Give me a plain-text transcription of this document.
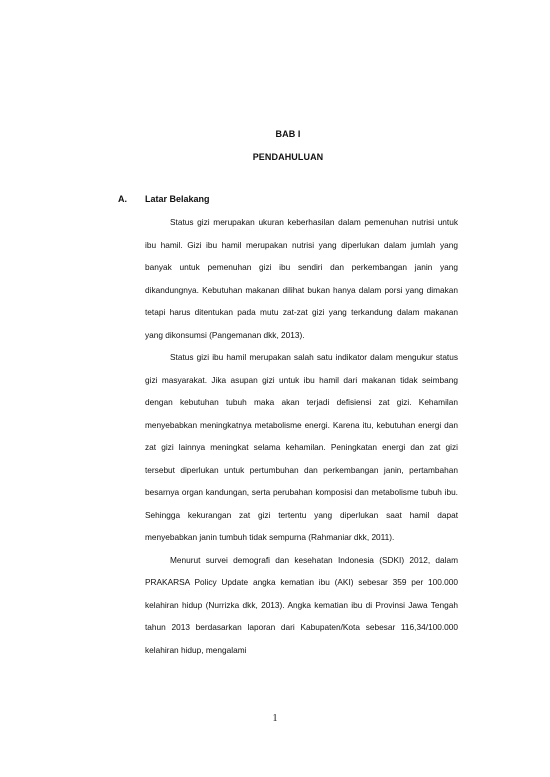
BAB I
PENDAHULUAN
A. Latar Belakang

Status gizi merupakan ukuran keberhasilan dalam pemenuhan nutrisi untuk ibu hamil. Gizi ibu hamil merupakan nutrisi yang diperlukan dalam jumlah yang banyak untuk pemenuhan gizi ibu sendiri dan perkembangan janin yang dikandungnya. Kebutuhan makanan dilihat bukan hanya dalam porsi yang dimakan tetapi harus ditentukan pada mutu zat-zat gizi yang terkandung dalam makanan yang dikonsumsi (Pangemanan dkk, 2013).

Status gizi ibu hamil merupakan salah satu indikator dalam mengukur status gizi masyarakat. Jika asupan gizi untuk ibu hamil dari makanan tidak seimbang dengan kebutuhan tubuh maka akan terjadi defisiensi zat gizi. Kehamilan menyebabkan meningkatnya metabolisme energi. Karena itu, kebutuhan energi dan zat gizi lainnya meningkat selama kehamilan. Peningkatan energi dan zat gizi tersebut diperlukan untuk pertumbuhan dan perkembangan janin, pertambahan besarnya organ kandungan, serta perubahan komposisi dan metabolisme tubuh ibu. Sehingga kekurangan zat gizi tertentu yang diperlukan saat hamil dapat menyebabkan janin tumbuh tidak sempurna (Rahmaniar dkk, 2011).

Menurut survei demografi dan kesehatan Indonesia (SDKI) 2012, dalam PRAKARSA Policy Update angka kematian ibu (AKI) sebesar 359 per 100.000 kelahiran hidup (Nurrizka dkk, 2013). Angka kematian ibu di Provinsi Jawa Tengah tahun 2013 berdasarkan laporan dari Kabupaten/Kota sebesar 116,34/100.000 kelahiran hidup, mengalami

1
